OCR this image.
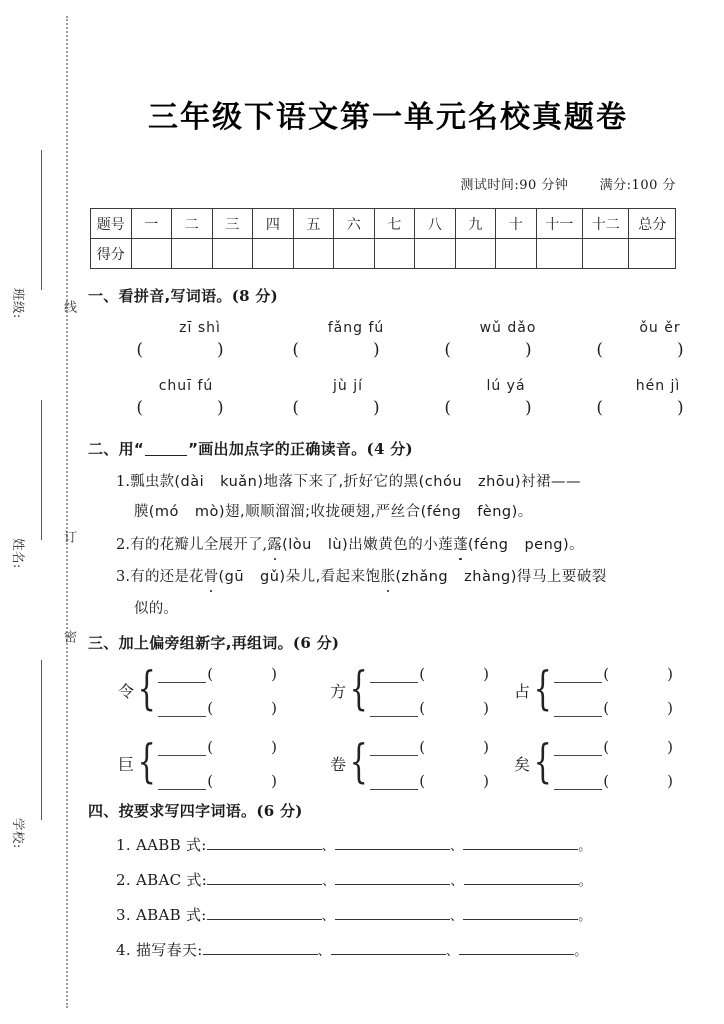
线
订
密
班级:
姓名:
学校:
三年级下语文第一单元名校真题卷
测试时间:90 分钟 满分:100 分
题号	一	二	三	四	五	六	七	八	九	十	十一	十二	总分
得分													
一、看拼音,写词语。(8 分)
zī shì	fǎng fú	wǔ dǎo	ǒu ěr
(	)	(	)	(	)	(	)
chuī fú	jù jí	lú yá	hén jì
(	)	(	)	(	)	(	)
二、用“	”画出加点字的正确读音。(4 分)
1.瓢虫款(dài kuǎn)地落下来了,折好它的黑(chóu zhōu)衬裙——
膜(mó mò)翅,顺顺溜溜;收拢硬翅,严丝合(féng fèng)。
2.有的花瓣儿全展开了,露(lòu lù)出嫩黄色的小莲蓬(féng peng)。
3.有的还是花骨(gū gǔ)朵儿,看起来饱胀(zhǎng zhàng)得马上要破裂
似的。
三、加上偏旁组新字,再组词。(6 分)
令 {	(	)
(	)
方 {	(	)
(	)
占 {	(	)
(	)
巨 {	(	)
(	)
卷 {	(	)
(	)
矣 {	(	)
(	)
四、按要求写四字词语。(6 分)
1. AABB 式:	、	、	。
2. ABAC 式:	、	、	。
3. ABAB 式:	、	、	。
4. 描写春天:	、	、	。
